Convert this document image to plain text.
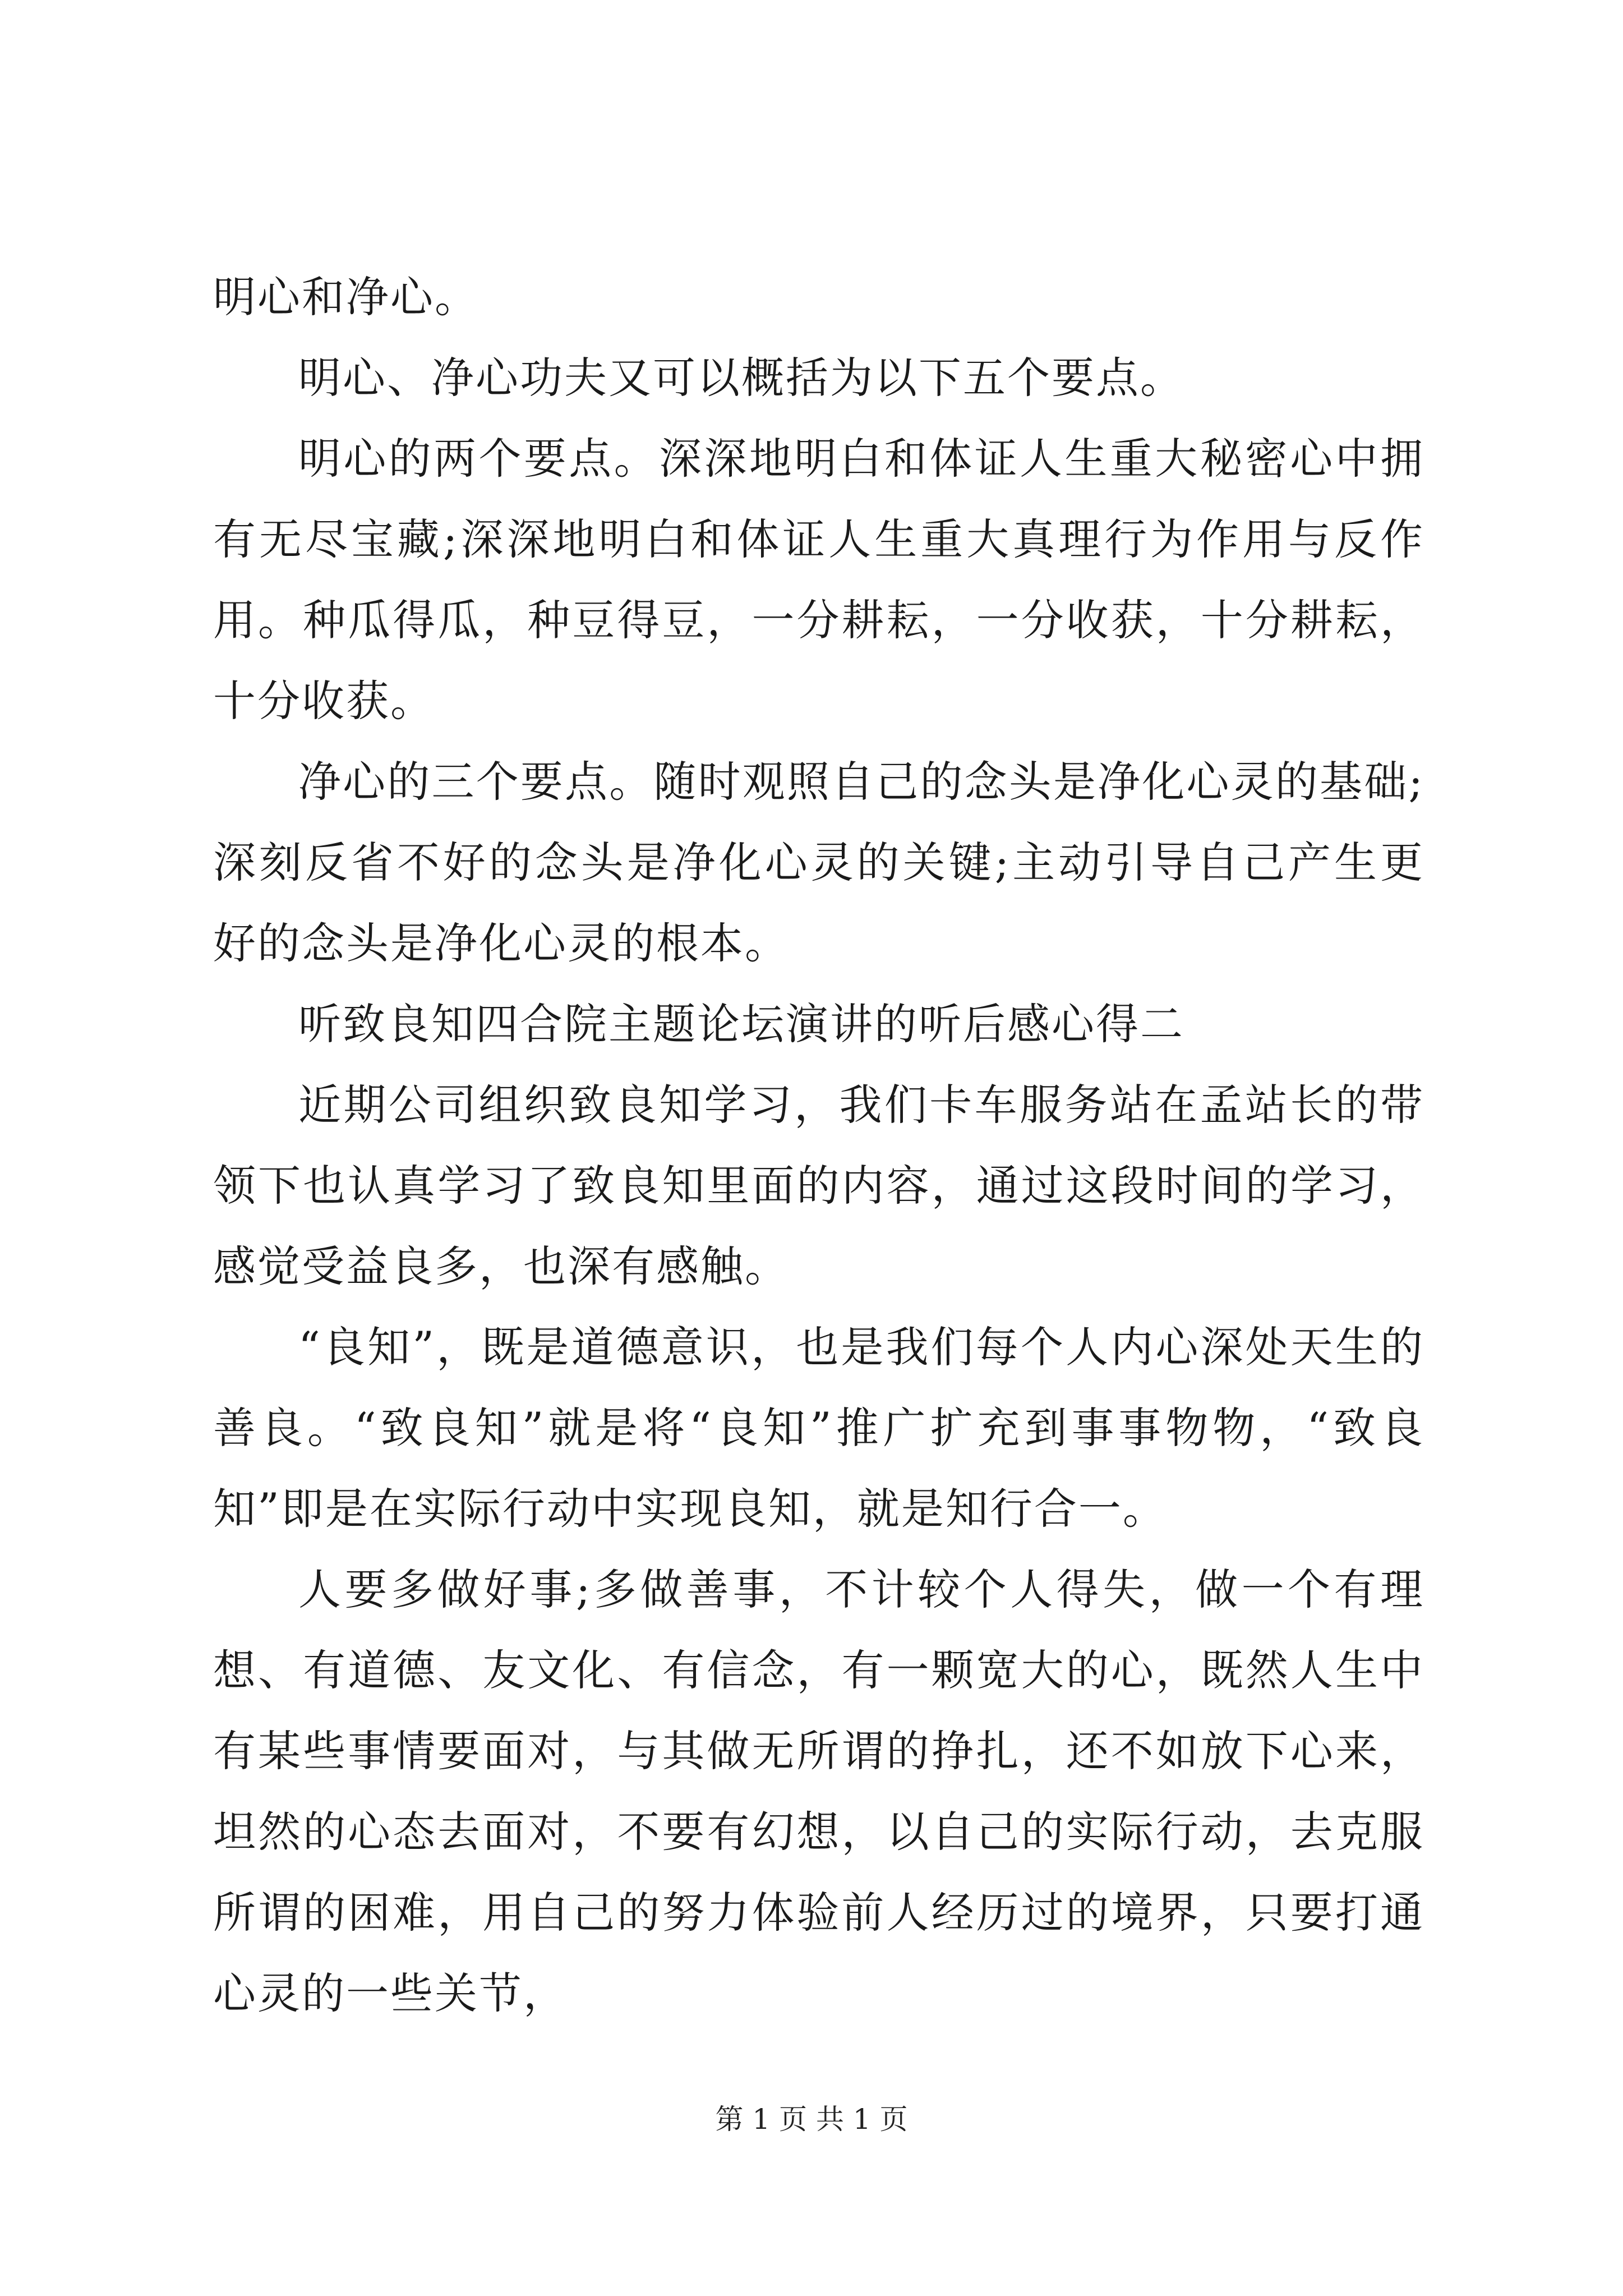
明心和净心。

明心、净心功夫又可以概括为以下五个要点。

明心的两个要点。深深地明白和体证人生重大秘密心中拥有无尽宝藏;深深地明白和体证人生重大真理行为作用与反作用。种瓜得瓜，种豆得豆，一分耕耘，一分收获，十分耕耘，十分收获。

净心的三个要点。随时观照自己的念头是净化心灵的基础;深刻反省不好的念头是净化心灵的关键;主动引导自己产生更好的念头是净化心灵的根本。

听致良知四合院主题论坛演讲的听后感心得二

近期公司组织致良知学习，我们卡车服务站在孟站长的带领下也认真学习了致良知里面的内容，通过这段时间的学习，感觉受益良多，也深有感触。

“良知”，既是道德意识，也是我们每个人内心深处天生的善良。“致良知”就是将“良知”推广扩充到事事物物，“致良知”即是在实际行动中实现良知，就是知行合一。

人要多做好事;多做善事，不计较个人得失，做一个有理想、有道德、友文化、有信念，有一颗宽大的心，既然人生中有某些事情要面对，与其做无所谓的挣扎，还不如放下心来，坦然的心态去面对，不要有幻想，以自己的实际行动，去克服所谓的困难，用自己的努力体验前人经历过的境界，只要打通心灵的一些关节，

第 1 页 共 1 页
